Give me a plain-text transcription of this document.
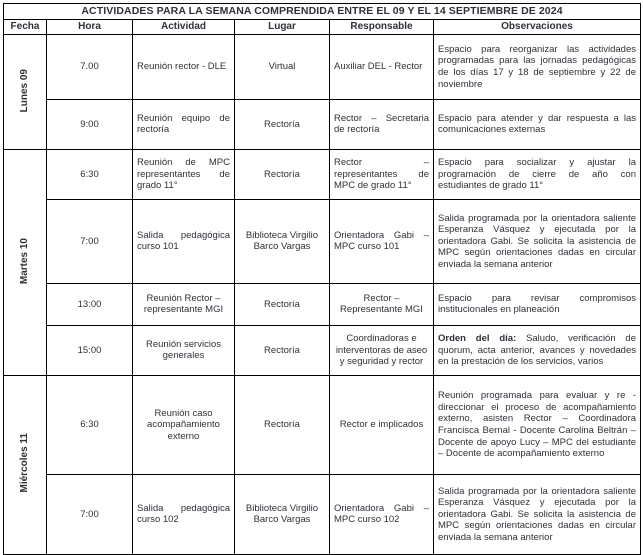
ACTIVIDADES PARA LA SEMANA COMPRENDIDA ENTRE EL 09 Y EL 14 SEPTIEMBRE DE 2024					
Fecha	Hora	Actividad	Lugar	Responsable	Observaciones
Lunes 09	7.00	Reunión rector - DLE	Virtual	Auxiliar DEL - Rector	Espacio para reorganizar las actividades programadas para las jornadas pedagógicas de los días 17 y 18 de septiembre y 22 de noviembre
	9:00	Reunión equipo de rectoría	Rectoría	Rector – Secretaria de rectoría	Espacio para atender y dar respuesta a las comunicaciones externas
Martes 10	6:30	Reunión de MPC representantes de grado 11°	Rectoría	Rector – representantes de MPC de grado 11°	Espacio para socializar y ajustar la programación de cierre de año con estudiantes de grado 11°
	7:00	Salida pedagógica curso 101	Biblioteca Virgilio Barco Vargas	Orientadora Gabi – MPC curso 101	Salida programada por la orientadora saliente Esperanza Vásquez y ejecutada por la orientadora Gabi. Se solicita la asistencia de MPC según orientaciones dadas en circular enviada la semana anterior
	13:00	Reunión Rector – representante MGI	Rectoría	Rector – Representante MGI	Espacio para revisar compromisos institucionales en planeación
	15:00	Reunión servicios generales	Rectoría	Coordinadoras e interventoras de aseo y seguridad y rector	Orden del día: Saludo, verificación de quorum, acta anterior, avances y novedades en la prestación de los servicios, varios
Miércoles 11	6:30	Reunión caso acompañamiento externo	Rectoría	Rector e implicados	Reunión programada para evaluar y re -direccionar el proceso de acompañamiento externo, asisten Rector – Coordinadora Francisca Bernal - Docente Carolina Beltrán – Docente de apoyo Lucy – MPC del estudiante – Docente de acompañamiento externo
	7:00	Salida pedagógica curso 102	Biblioteca Virgilio Barco Vargas	Orientadora Gabi – MPC curso 102	Salida programada por la orientadora saliente Esperanza Vásquez y ejecutada por la orientadora Gabi. Se solicita la asistencia de MPC según orientaciones dadas en circular enviada la semana anterior
